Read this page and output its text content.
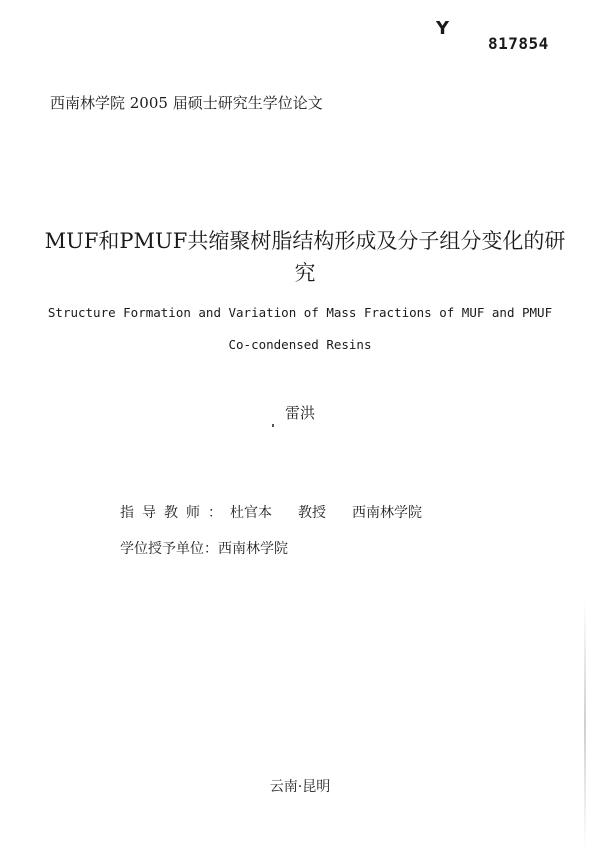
Y
817854
西南林学院 2005 届硕士研究生学位论文
MUF和PMUF共缩聚树脂结构形成及分子组分变化的研究
Structure Formation and Variation of Mass Fractions of MUF and PMUF
Co-condensed Resins
雷洪
指导教师：杜官本 教授 西南林学院
学位授予单位：西南林学院
云南·昆明
